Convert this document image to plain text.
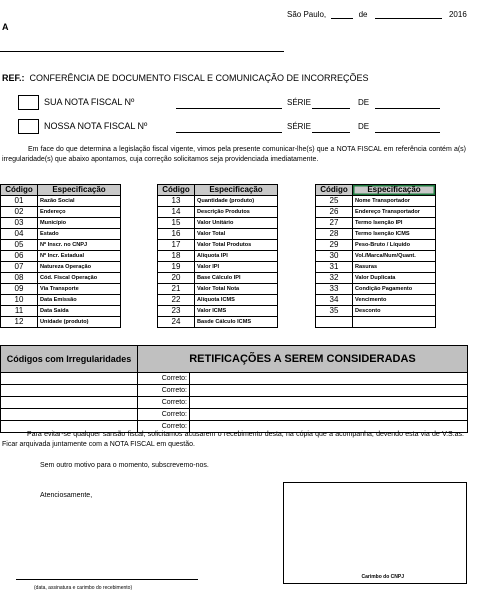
São Paulo,	de	2016
A
REF.: CONFERÊNCIA DE DOCUMENTO FISCAL E COMUNICAÇÃO DE INCORREÇÕES
SUA NOTA FISCAL Nº	SÉRIE	DE
NOSSA NOTA FISCAL Nº	SÉRIE	DE
Em face do que determina a legislação fiscal vigente, vimos pela presente comunicar-lhe(s) que a NOTA FISCAL em referência contém a(s) irregularidade(s) que abaixo apontamos, cuja correção solicitamos seja providenciada imediatamente.
Código	Especificação
01	Razão Social
02	Endereço
03	Município
04	Estado
05	Nº Inscr. no CNPJ
06	Nº Incr. Estadual
07	Natureza Operação
08	Cód. Fiscal Operação
09	Via Transporte
10	Data Emissão
11	Data Saída
12	Unidade (produto)
Código	Especificação
13	Quantidade (produto)
14	Descrição Produtos
15	Valor Unitário
16	Valor Total
17	Valor Total Produtos
18	Alíquota IPI
19	Valor IPI
20	Base Cálculo IPI
21	Valor Total Nota
22	Alíquota ICMS
23	Valor ICMS
24	Basde Cálculo ICMS
Código	Especificação
25	Nome Transportador
26	Endereço Transportador
27	Termo Isenção IPI
28	Termo Isenção ICMS
29	Peso-Bruto / Líquido
30	Vol./Marca/Num/Quant.
31	Rasuras
32	Valor Duplicata
33	Condição Pagamento
34	Vencimento
35	Desconto

Códigos com Irregularidades	RETIFICAÇÕES A SEREM CONSIDERADAS	
	Correto:	
	Correto:	
	Correto:	
	Correto:	
	Correto:	
Para evitar-se qualquer sansão fiscal, solicitamos acusarem o recebimento desta, na cópia que a acompanha, devendo esta via de V.S.as. Ficar arquivada juntamente com a NOTA FISCAL em questão.
Sem outro motivo para o momento, subscrevemo-nos.
Atenciosamente,
(data, assinatura e carimbo do recebimento)
Carimbo do CNPJ
